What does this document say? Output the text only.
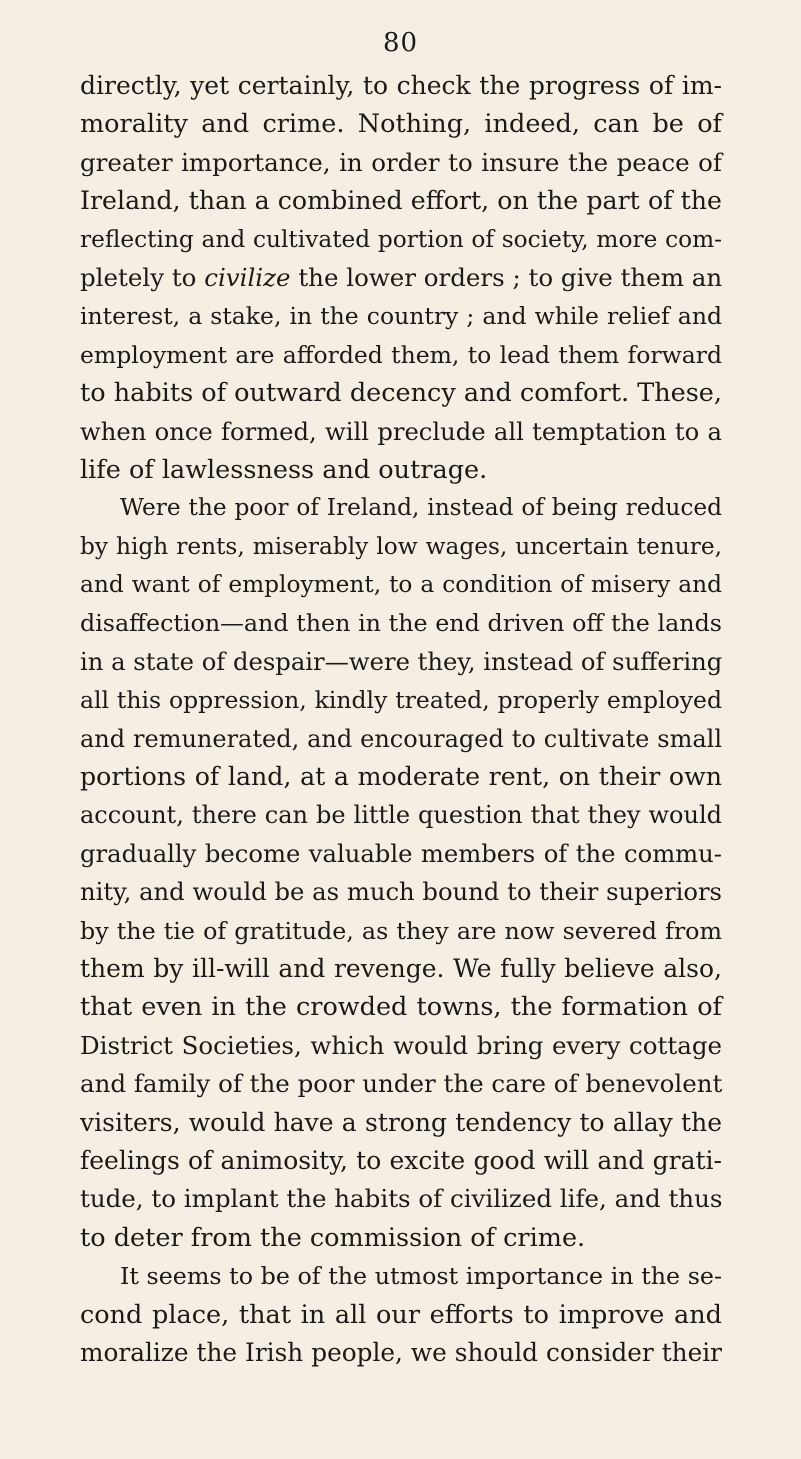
80
directly, yet certainly, to check the progress of im-
morality and crime. Nothing, indeed, can be of
greater importance, in order to insure the peace of
Ireland, than a combined effort, on the part of the
reflecting and cultivated portion of society, more com-
pletely to civilize the lower orders ; to give them an
interest, a stake, in the country ; and while relief and
employment are afforded them, to lead them forward
to habits of outward decency and comfort. These,
when once formed, will preclude all temptation to a
life of lawlessness and outrage.
Were the poor of Ireland, instead of being reduced
by high rents, miserably low wages, uncertain tenure,
and want of employment, to a condition of misery and
disaffection—and then in the end driven off the lands
in a state of despair—were they, instead of suffering
all this oppression, kindly treated, properly employed
and remunerated, and encouraged to cultivate small
portions of land, at a moderate rent, on their own
account, there can be little question that they would
gradually become valuable members of the commu-
nity, and would be as much bound to their superiors
by the tie of gratitude, as they are now severed from
them by ill-will and revenge. We fully believe also,
that even in the crowded towns, the formation of
District Societies, which would bring every cottage
and family of the poor under the care of benevolent
visiters, would have a strong tendency to allay the
feelings of animosity, to excite good will and grati-
tude, to implant the habits of civilized life, and thus
to deter from the commission of crime.
It seems to be of the utmost importance in the se-
cond place, that in all our efforts to improve and
moralize the Irish people, we should consider their
